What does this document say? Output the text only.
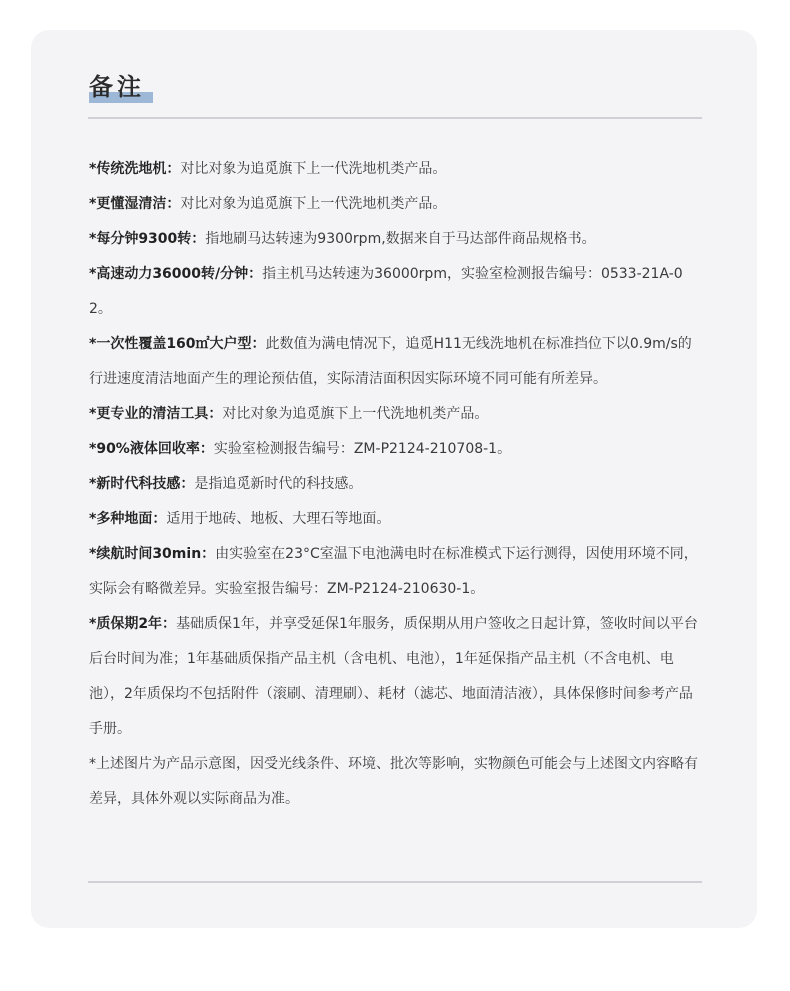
备注

*传统洗地机：对比对象为追觅旗下上一代洗地机类产品。

*更懂湿清洁：对比对象为追觅旗下上一代洗地机类产品。

*每分钟9300转：指地刷马达转速为9300rpm,数据来自于马达部件商品规格书。

*高速动力36000转/分钟：指主机马达转速为36000rpm，实验室检测报告编号：0533-21A-02。

*一次性覆盖160㎡大户型：此数值为满电情况下，追觅H11无线洗地机在标准挡位下以0.9m/s的行进速度清洁地面产生的理论预估值，实际清洁面积因实际环境不同可能有所差异。

*更专业的清洁工具：对比对象为追觅旗下上一代洗地机类产品。

*90%液体回收率：实验室检测报告编号：ZM-P2124-210708-1。

*新时代科技感：是指追觅新时代的科技感。

*多种地面：适用于地砖、地板、大理石等地面。

*续航时间30min：由实验室在23°C室温下电池满电时在标准模式下运行测得，因使用环境不同，实际会有略微差异。实验室报告编号：ZM-P2124-210630-1。

*质保期2年：基础质保1年，并享受延保1年服务，质保期从用户签收之日起计算，签收时间以平台后台时间为准；1年基础质保指产品主机（含电机、电池），1年延保指产品主机（不含电机、电池），2年质保均不包括附件（滚刷、清理刷）、耗材（滤芯、地面清洁液），具体保修时间参考产品手册。

*上述图片为产品示意图，因受光线条件、环境、批次等影响，实物颜色可能会与上述图文内容略有差异，具体外观以实际商品为准。
